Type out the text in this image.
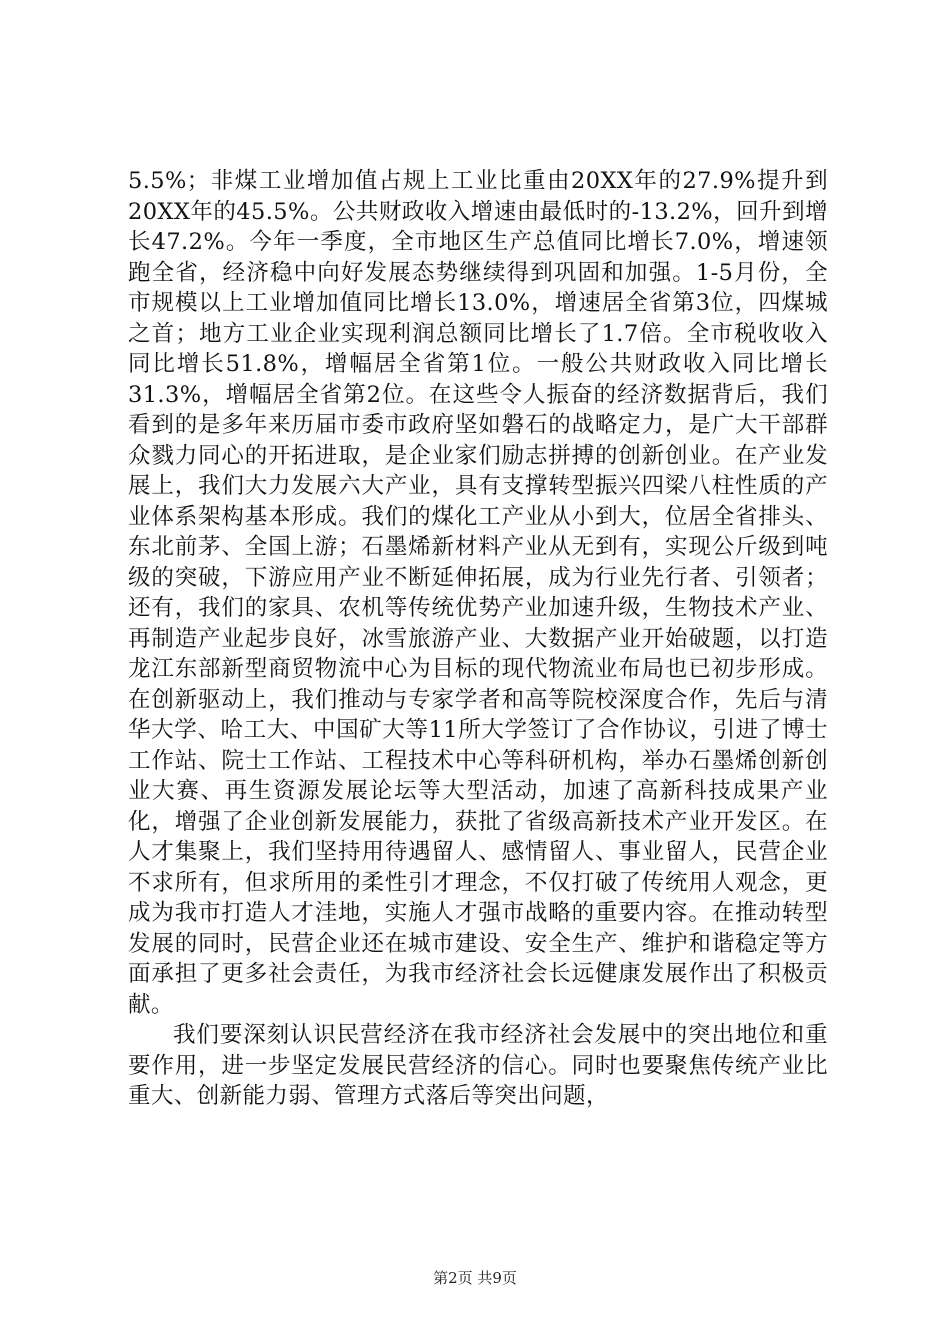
5.5%；非煤工业增加值占规上工业比重由20XX年的27.9%提升到20XX年的45.5%。公共财政收入增速由最低时的-13.2%，回升到增长47.2%。今年一季度，全市地区生产总值同比增长7.0%，增速领跑全省，经济稳中向好发展态势继续得到巩固和加强。1-5月份，全市规模以上工业增加值同比增长13.0%，增速居全省第3位，四煤城之首；地方工业企业实现利润总额同比增长了1.7倍。全市税收收入同比增长51.8%，增幅居全省第1位。一般公共财政收入同比增长31.3%，增幅居全省第2位。在这些令人振奋的经济数据背后，我们看到的是多年来历届市委市政府坚如磐石的战略定力，是广大干部群众戮力同心的开拓进取，是企业家们励志拼搏的创新创业。在产业发展上，我们大力发展六大产业，具有支撑转型振兴四梁八柱性质的产业体系架构基本形成。我们的煤化工产业从小到大，位居全省排头、东北前茅、全国上游；石墨烯新材料产业从无到有，实现公斤级到吨级的突破，下游应用产业不断延伸拓展，成为行业先行者、引领者；还有，我们的家具、农机等传统优势产业加速升级，生物技术产业、再制造产业起步良好，冰雪旅游产业、大数据产业开始破题，以打造龙江东部新型商贸物流中心为目标的现代物流业布局也已初步形成。在创新驱动上，我们推动与专家学者和高等院校深度合作，先后与清华大学、哈工大、中国矿大等11所大学签订了合作协议，引进了博士工作站、院士工作站、工程技术中心等科研机构，举办石墨烯创新创业大赛、再生资源发展论坛等大型活动，加速了高新科技成果产业化，增强了企业创新发展能力，获批了省级高新技术产业开发区。在人才集聚上，我们坚持用待遇留人、感情留人、事业留人，民营企业不求所有，但求所用的柔性引才理念，不仅打破了传统用人观念，更成为我市打造人才洼地，实施人才强市战略的重要内容。在推动转型发展的同时，民营企业还在城市建设、安全生产、维护和谐稳定等方面承担了更多社会责任，为我市经济社会长远健康发展作出了积极贡献。

我们要深刻认识民营经济在我市经济社会发展中的突出地位和重要作用，进一步坚定发展民营经济的信心。同时也要聚焦传统产业比重大、创新能力弱、管理方式落后等突出问题，

第2页 共9页
